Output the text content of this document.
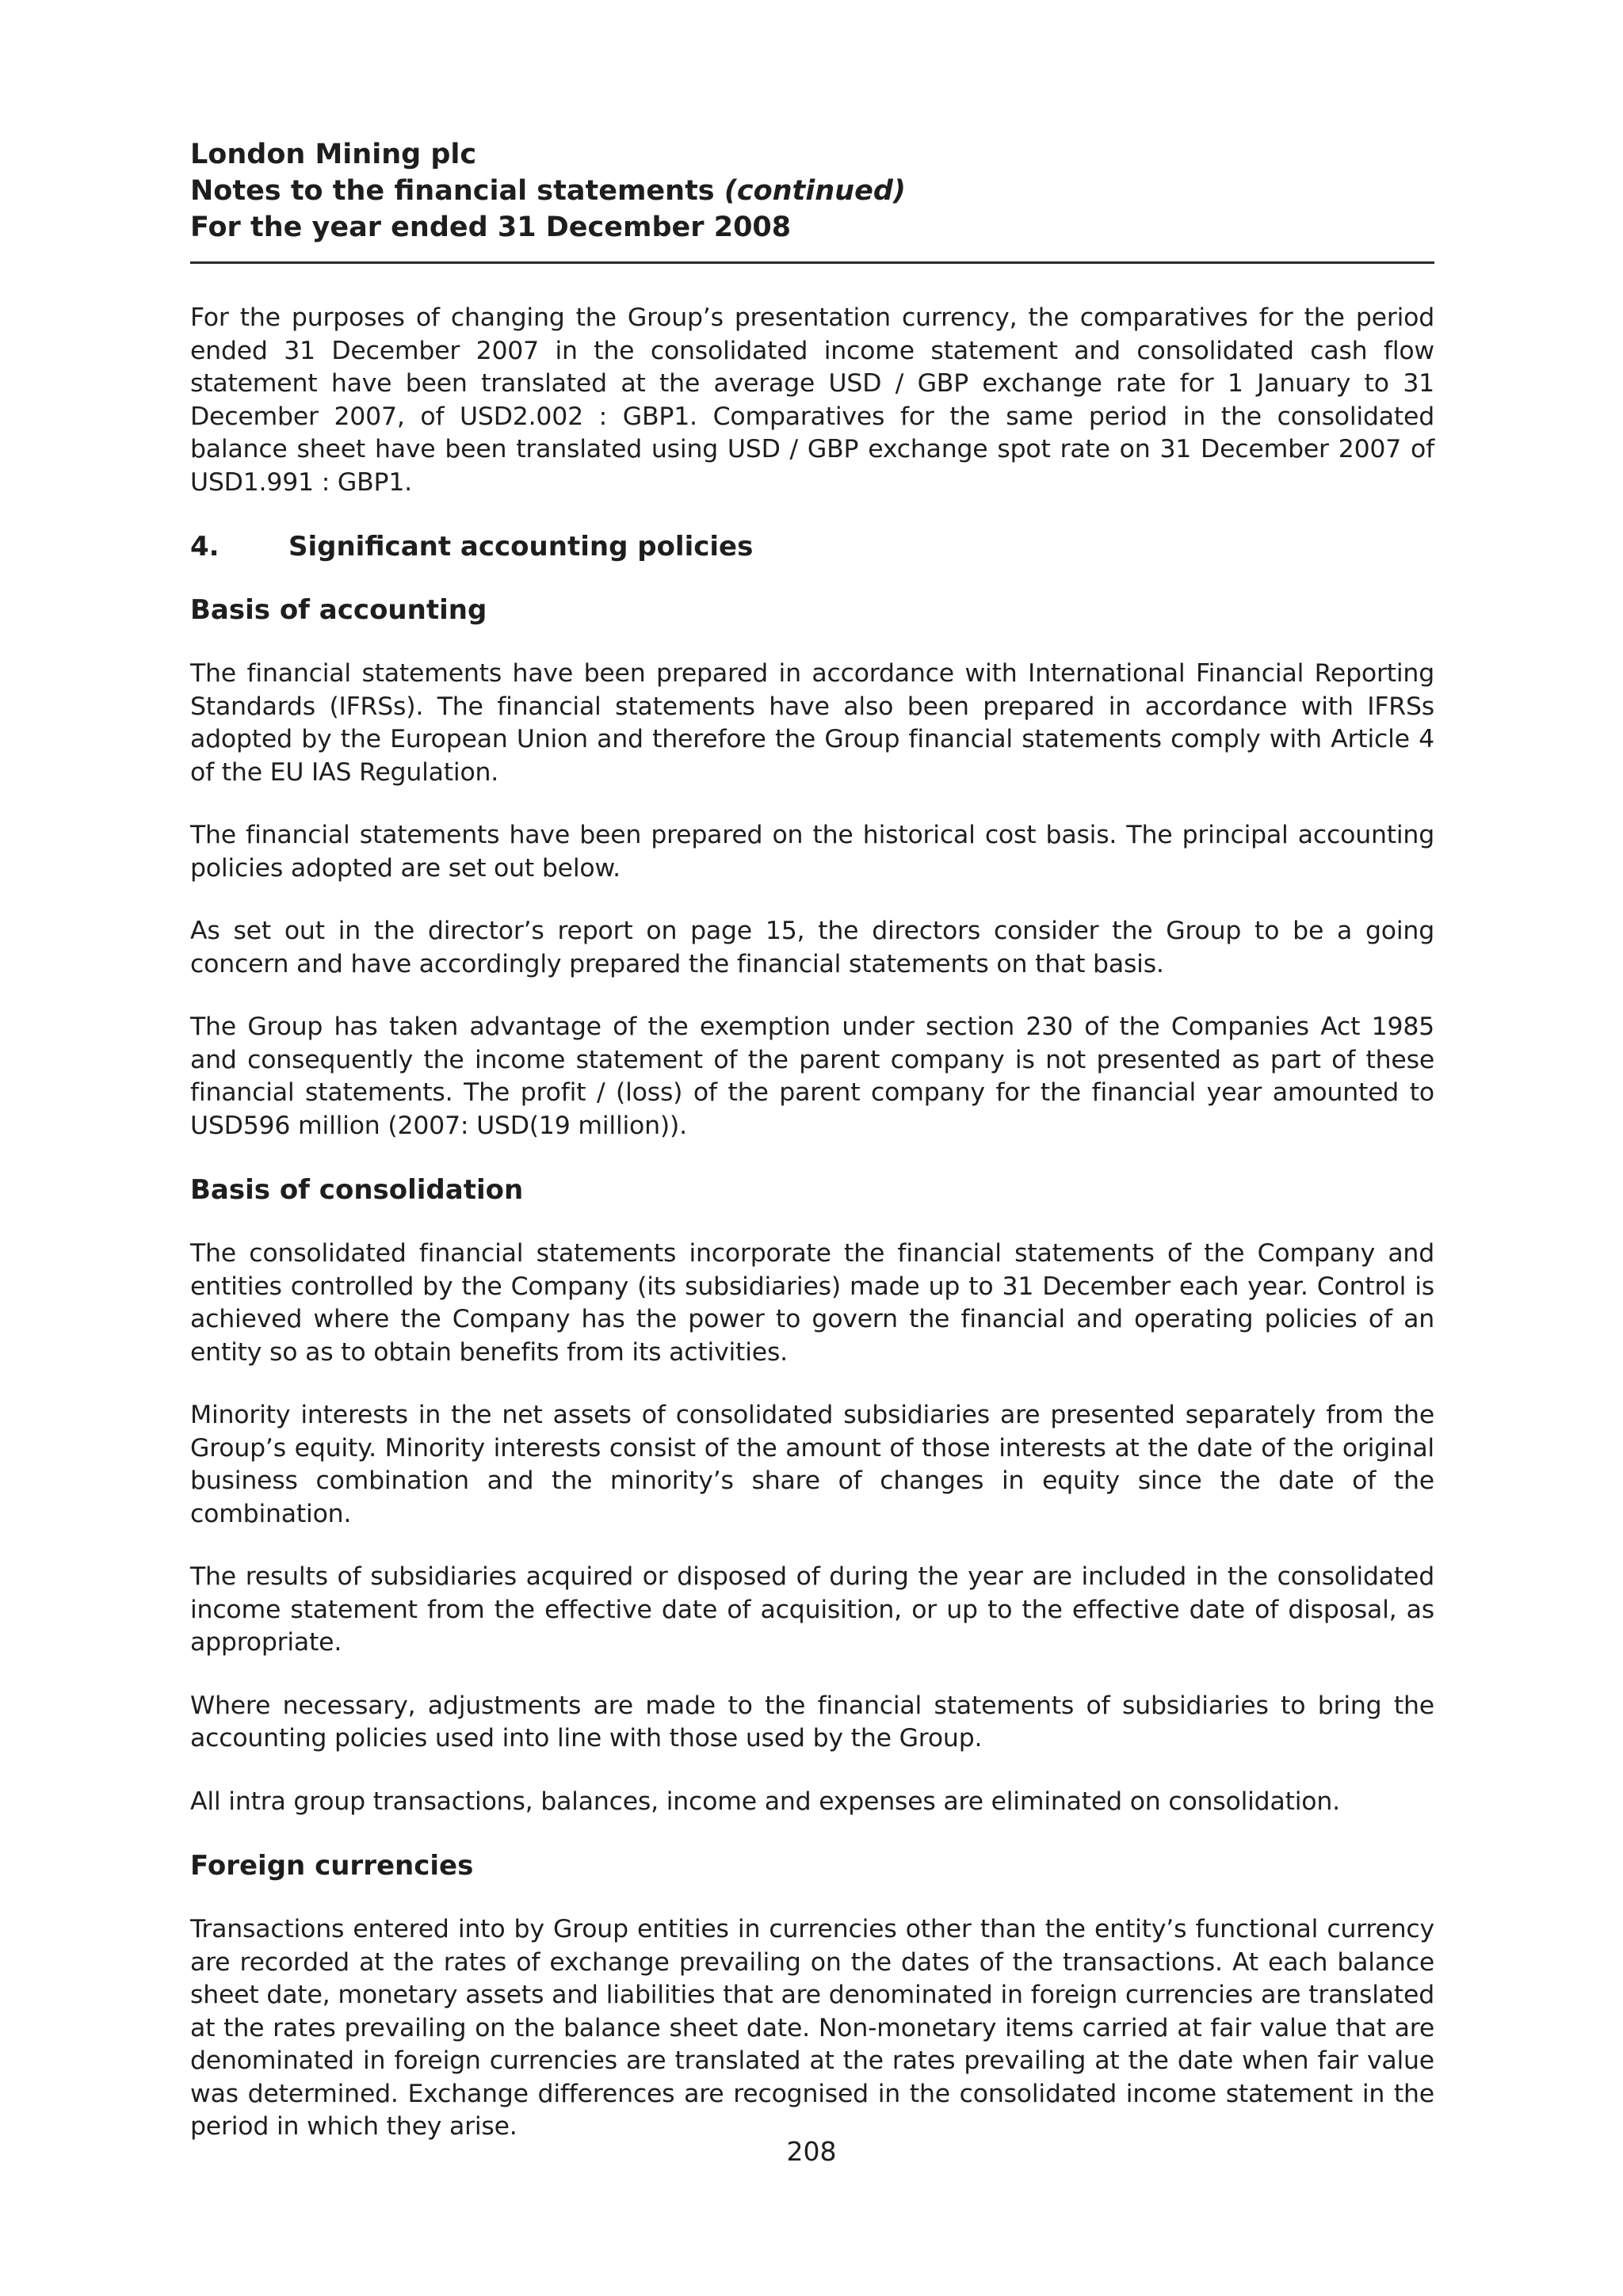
London Mining plc
Notes to the financial statements (continued)
For the year ended 31 December 2008

For the purposes of changing the Group’s presentation currency, the comparatives for the period ended 31 December 2007 in the consolidated income statement and consolidated cash flow statement have been translated at the average USD / GBP exchange rate for 1 January to 31 December 2007, of USD2.002 : GBP1. Comparatives for the same period in the consolidated balance sheet have been translated using USD / GBP exchange spot rate on 31 December 2007 of USD1.991 : GBP1.

4.	Significant accounting policies
Basis of accounting

The financial statements have been prepared in accordance with International Financial Reporting Standards (IFRSs). The financial statements have also been prepared in accordance with IFRSs adopted by the European Union and therefore the Group financial statements comply with Article 4 of the EU IAS Regulation.

The financial statements have been prepared on the historical cost basis. The principal accounting policies adopted are set out below.

As set out in the director’s report on page 15, the directors consider the Group to be a going concern and have accordingly prepared the financial statements on that basis.

The Group has taken advantage of the exemption under section 230 of the Companies Act 1985 and consequently the income statement of the parent company is not presented as part of these financial statements. The profit / (loss) of the parent company for the financial year amounted to USD596 million (2007: USD(19 million)).

Basis of consolidation

The consolidated financial statements incorporate the financial statements of the Company and entities controlled by the Company (its subsidiaries) made up to 31 December each year. Control is achieved where the Company has the power to govern the financial and operating policies of an entity so as to obtain benefits from its activities.

Minority interests in the net assets of consolidated subsidiaries are presented separately from the Group’s equity. Minority interests consist of the amount of those interests at the date of the original business combination and the minority’s share of changes in equity since the date of the combination.

The results of subsidiaries acquired or disposed of during the year are included in the consolidated income statement from the effective date of acquisition, or up to the effective date of disposal, as appropriate.

Where necessary, adjustments are made to the financial statements of subsidiaries to bring the accounting policies used into line with those used by the Group.

All intra group transactions, balances, income and expenses are eliminated on consolidation.

Foreign currencies

Transactions entered into by Group entities in currencies other than the entity’s functional currency are recorded at the rates of exchange prevailing on the dates of the transactions. At each balance sheet date, monetary assets and liabilities that are denominated in foreign currencies are translated at the rates prevailing on the balance sheet date. Non-monetary items carried at fair value that are denominated in foreign currencies are translated at the rates prevailing at the date when fair value was determined. Exchange differences are recognised in the consolidated income statement in the period in which they arise.

208
